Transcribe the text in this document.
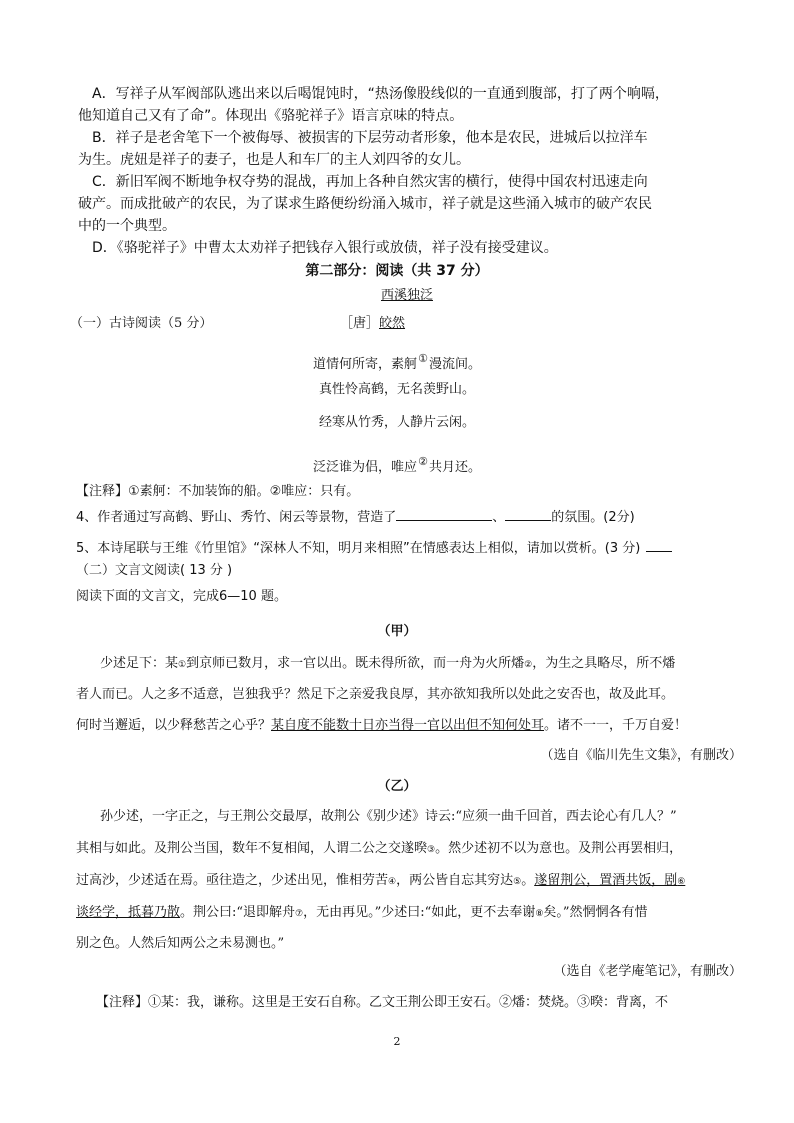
A．写祥子从军阀部队逃出来以后喝馄饨时，“热汤像股线似的一直通到腹部，打了两个响嗝，
他知道自己又有了命”。体现出《骆驼祥子》语言京味的特点。
B．祥子是老舍笔下一个被侮辱、被损害的下层劳动者形象，他本是农民，进城后以拉洋车
为生。虎妞是祥子的妻子，也是人和车厂的主人刘四爷的女儿。
C．新旧军阀不断地争权夺势的混战，再加上各种自然灾害的横行，使得中国农村迅速走向
破产。而成批破产的农民，为了谋求生路便纷纷涌入城市，祥子就是这些涌入城市的破产农民
中的一个典型。
D．《骆驼祥子》中曹太太劝祥子把钱存入银行或放债，祥子没有接受建议。
第二部分：阅读（共 37 分）
西溪独泛
（一）古诗阅读（5 分）	［唐］皎然
道情何所寄，素舸①漫流间。
真性怜高鹤，无名羡野山。
经寒从竹秀，人静片云闲。
泛泛谁为侣，唯应②共月还。
【注释】①素舸：不加装饰的船。②唯应：只有。
4、作者通过写高鹤、野山、秀竹、闲云等景物，营造了	、	的氛围。(2分)
5、本诗尾联与王维《竹里馆》“深林人不知，明月来相照”在情感表达上相似，请加以赏析。(3 分)
（二）文言文阅读( 13 分 )
阅读下面的文言文，完成6—10 题。
（甲）
少述足下：某①到京师已数月，求一官以出。既未得所欲，而一舟为火所燔②，为生之具略尽，所不燔
者人而已。人之多不适意，岂独我乎？然足下之亲爱我良厚，其亦欲知我所以处此之安否也，故及此耳。
何时当邂逅，以少释愁苦之心乎？某自度不能数十日亦当得一官以出但不知何处耳。诸不一一，千万自爱！
（选自《临川先生文集》，有删改）
（乙）
孙少述，一字正之，与王荆公交最厚，故荆公《别少述》诗云:“应须一曲千回首，西去论心有几人？”
其相与如此。及荆公当国，数年不复相闻，人谓二公之交遂暌③。然少述初不以为意也。及荆公再罢相归，
过高沙，少述适在焉。亟往造之，少述出见，惟相劳苦④，两公皆自忘其穷达⑤。遂留荆公，置酒共饭，剧⑥
谈经学，抵暮乃散。荆公曰:“退即解舟⑦，无由再见。”少述曰:“如此，更不去奉谢⑧矣。”然惘惘各有惜
别之色。人然后知两公之未易测也。”
（选自《老学庵笔记》，有删改）
【注释】①某：我，谦称。这里是王安石自称。乙文王荆公即王安石。②燔：焚烧。③暌：背离，不
2
